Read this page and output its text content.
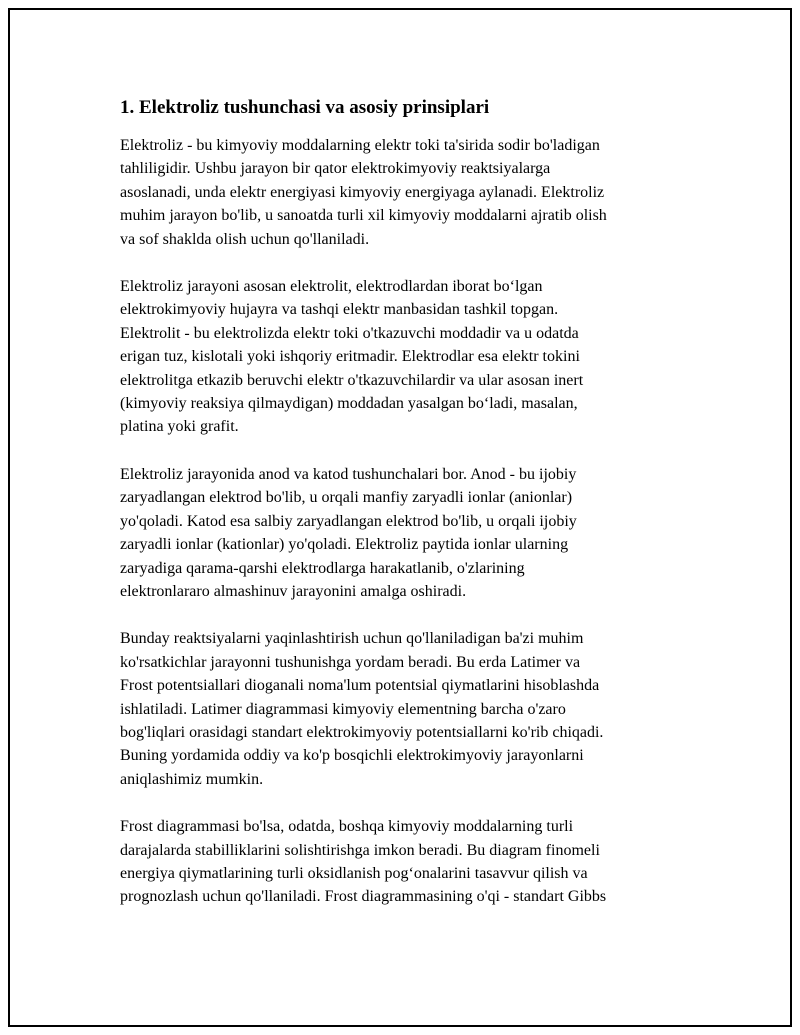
1. Elektroliz tushunchasi va asosiy prinsiplari

Elektroliz - bu kimyoviy moddalarning elektr toki ta'sirida sodir bo'ladigan
tahliligidir. Ushbu jarayon bir qator elektrokimyoviy reaktsiyalarga
asoslanadi, unda elektr energiyasi kimyoviy energiyaga aylanadi. Elektroliz
muhim jarayon bo'lib, u sanoatda turli xil kimyoviy moddalarni ajratib olish
va sof shaklda olish uchun qo'llaniladi.

Elektroliz jarayoni asosan elektrolit, elektrodlardan iborat bo‘lgan
elektrokimyoviy hujayra va tashqi elektr manbasidan tashkil topgan.
Elektrolit - bu elektrolizda elektr toki o'tkazuvchi moddadir va u odatda
erigan tuz, kislotali yoki ishqoriy eritmadir. Elektrodlar esa elektr tokini
elektrolitga etkazib beruvchi elektr o'tkazuvchilardir va ular asosan inert
(kimyoviy reaksiya qilmaydigan) moddadan yasalgan bo‘ladi, masalan,
platina yoki grafit.

Elektroliz jarayonida anod va katod tushunchalari bor. Anod - bu ijobiy
zaryadlangan elektrod bo'lib, u orqali manfiy zaryadli ionlar (anionlar)
yo'qoladi. Katod esa salbiy zaryadlangan elektrod bo'lib, u orqali ijobiy
zaryadli ionlar (kationlar) yo'qoladi. Elektroliz paytida ionlar ularning
zaryadiga qarama-qarshi elektrodlarga harakatlanib, o'zlarining
elektronlararo almashinuv jarayonini amalga oshiradi.

Bunday reaktsiyalarni yaqinlashtirish uchun qo'llaniladigan ba'zi muhim
ko'rsatkichlar jarayonni tushunishga yordam beradi. Bu erda Latimer va
Frost potentsiallari dioganali noma'lum potentsial qiymatlarini hisoblashda
ishlatiladi. Latimer diagrammasi kimyoviy elementning barcha o'zaro
bog'liqlari orasidagi standart elektrokimyoviy potentsiallarni ko'rib chiqadi.
Buning yordamida oddiy va ko'p bosqichli elektrokimyoviy jarayonlarni
aniqlashimiz mumkin.

Frost diagrammasi bo'lsa, odatda, boshqa kimyoviy moddalarning turli
darajalarda stabilliklarini solishtirishga imkon beradi. Bu diagram finomeli
energiya qiymatlarining turli oksidlanish pog‘onalarini tasavvur qilish va
prognozlash uchun qo'llaniladi. Frost diagrammasining o'qi - standart Gibbs
